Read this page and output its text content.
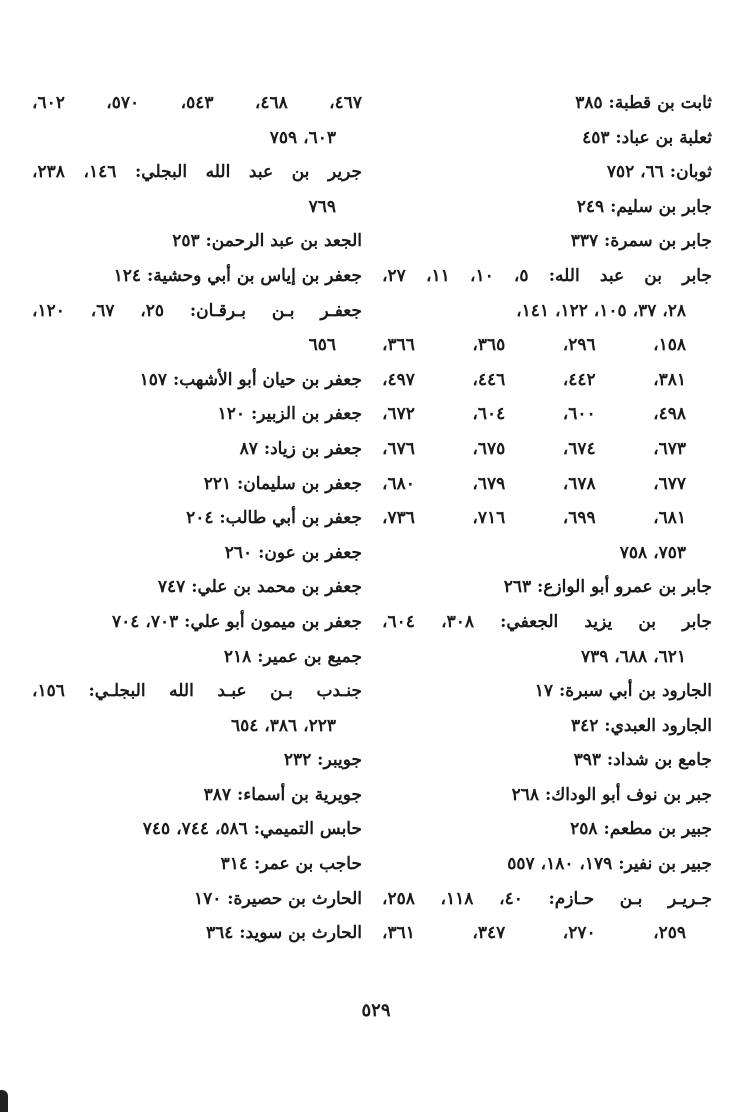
ثابت بن قطبة: ٣٨٥
ثعلبة بن عباد: ٤٥٣
ثوبان: ٦٦، ٧٥٢
جابر بن سليم: ٢٤٩
جابر بن سمرة: ٣٣٧
جابر بن عبد الله: ٥، ١٠، ١١، ٢٧،
٢٨، ٣٧، ١٠٥، ١٢٢، ١٤١،
١٥٨، ٢٩٦، ٣٦٥، ٣٦٦،
٣٨١، ٤٤٢، ٤٤٦، ٤٩٧،
٤٩٨، ٦٠٠، ٦٠٤، ٦٧٢،
٦٧٣، ٦٧٤، ٦٧٥، ٦٧٦،
٦٧٧، ٦٧٨، ٦٧٩، ٦٨٠،
٦٨١، ٦٩٩، ٧١٦، ٧٣٦،
٧٥٣، ٧٥٨
جابر بن عمرو أبو الوازع: ٢٦٣
جابر بن يزيد الجعفي: ٣٠٨، ٦٠٤،
٦٢١، ٦٨٨، ٧٣٩
الجارود بن أبي سبرة: ١٧
الجارود العبدي: ٣٤٢
جامع بن شداد: ٣٩٣
جبر بن نوف أبو الوداك: ٢٦٨
جبير بن مطعم: ٢٥٨
جبير بن نفير: ١٧٩، ١٨٠، ٥٥٧
جـريـر بـن حـازم: ٤٠، ١١٨، ٢٥٨،
٢٥٩، ٢٧٠، ٣٤٧، ٣٦١،
٤٦٧، ٤٦٨، ٥٤٣، ٥٧٠، ٦٠٢،
٦٠٣، ٧٥٩
جرير بن عبد الله البجلي: ١٤٦، ٢٣٨،
٧٦٩
الجعد بن عبد الرحمن: ٢٥٣
جعفر بن إياس بن أبي وحشية: ١٢٤
جعفـر بـن بـرقـان: ٢٥، ٦٧، ١٢٠،
٦٥٦
جعفر بن حيان أبو الأشهب: ١٥٧
جعفر بن الزبير: ١٢٠
جعفر بن زياد: ٨٧
جعفر بن سليمان: ٢٢١
جعفر بن أبي طالب: ٢٠٤
جعفر بن عون: ٢٦٠
جعفر بن محمد بن علي: ٧٤٧
جعفر بن ميمون أبو علي: ٧٠٣، ٧٠٤
جميع بن عمير: ٢١٨
جنـدب بـن عبـد الله البجلـي: ١٥٦،
٢٢٣، ٣٨٦، ٦٥٤
جويبر: ٢٣٢
جويرية بن أسماء: ٣٨٧
حابس التميمي: ٥٨٦، ٧٤٤، ٧٤٥
حاجب بن عمر: ٣١٤
الحارث بن حصيرة: ١٧٠
الحارث بن سويد: ٣٦٤
٥٢٩
